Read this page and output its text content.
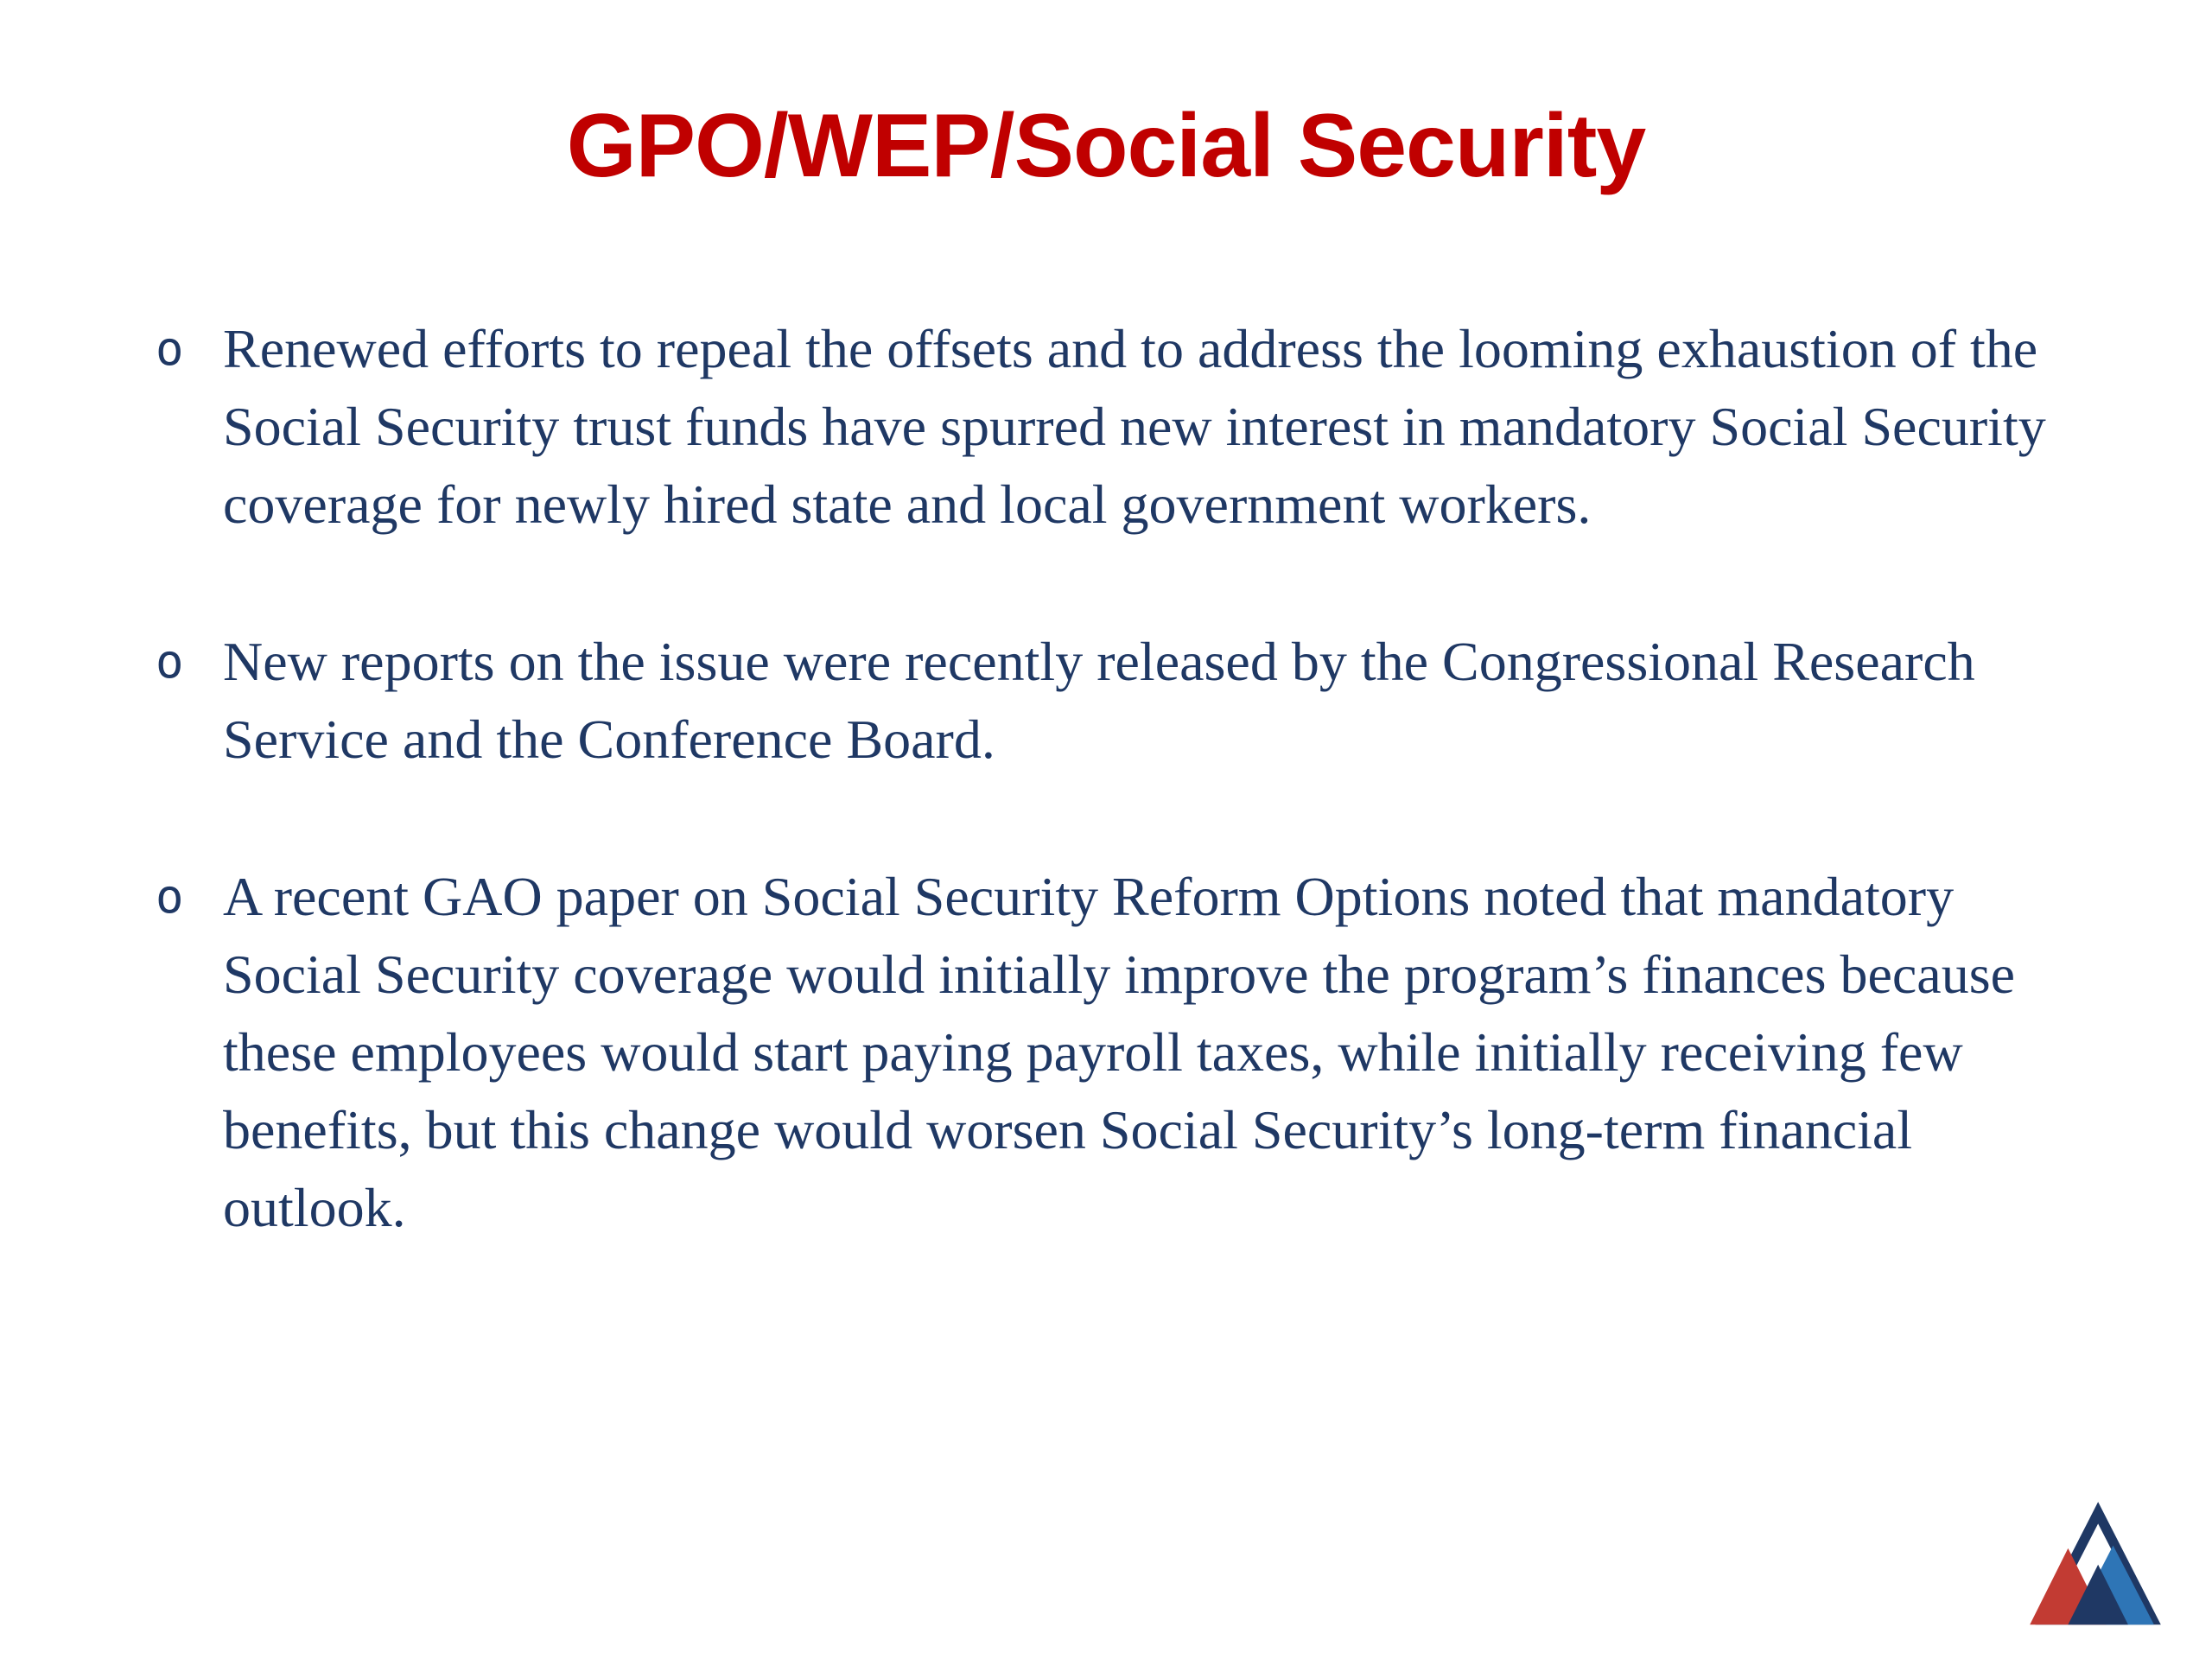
GPO/WEP/Social Security
o Renewed efforts to repeal the offsets and to address the looming exhaustion of the Social Security trust funds have spurred new interest in mandatory Social Security coverage for newly hired state and local government workers.
o New reports on the issue were recently released by the Congressional Research Service and the Conference Board.
o A recent GAO paper on Social Security Reform Options noted that mandatory Social Security coverage would initially improve the program’s finances because these employees would start paying payroll taxes, while initially receiving few benefits, but this change would worsen Social Security’s long-term financial outlook.
